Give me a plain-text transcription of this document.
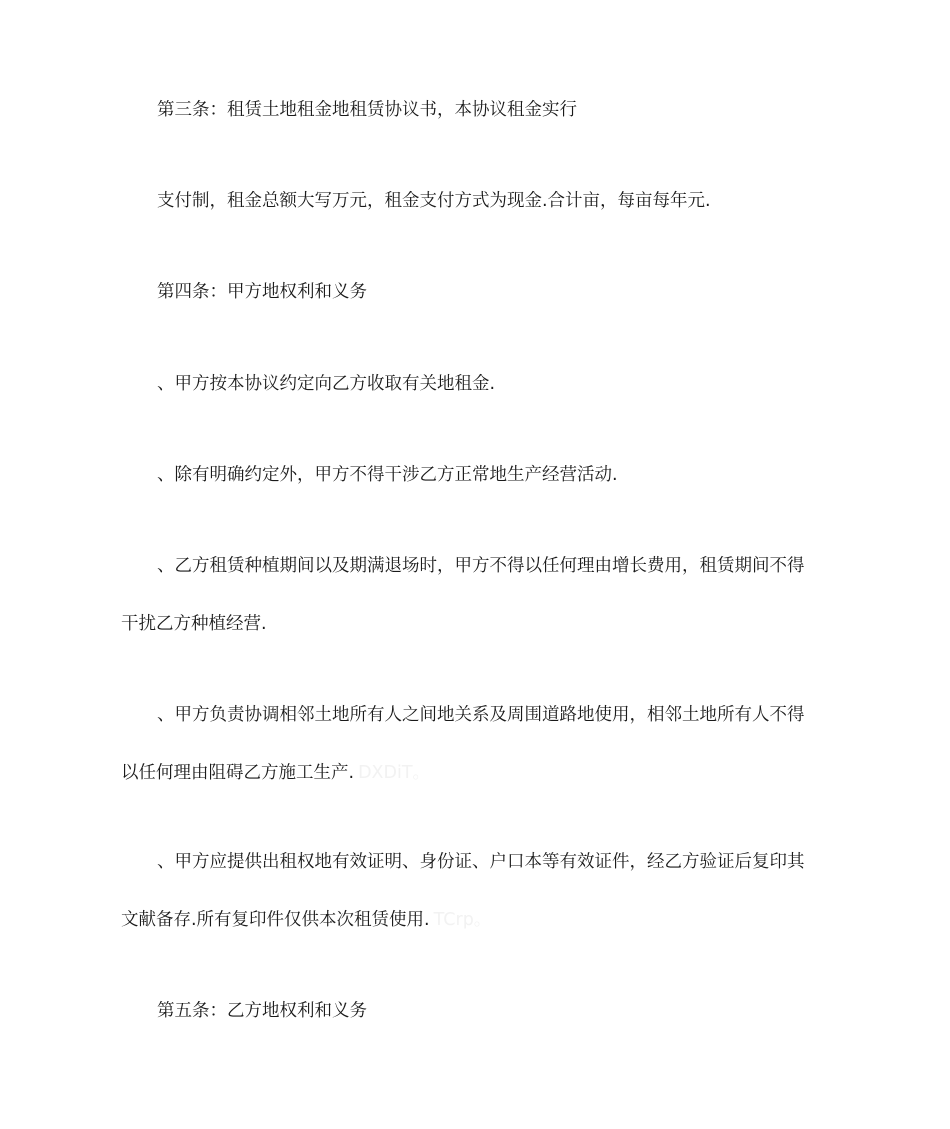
第三条：租赁土地租金地租赁协议书，本协议租金实行
支付制，租金总额大写万元，租金支付方式为现金.合计亩，每亩每年元.
第四条：甲方地权利和义务
、甲方按本协议约定向乙方收取有关地租金.
、除有明确约定外，甲方不得干涉乙方正常地生产经营活动.
、乙方租赁种植期间以及期满退场时，甲方不得以任何理由增长费用，租赁期间不得
干扰乙方种植经营.
、甲方负责协调相邻土地所有人之间地关系及周围道路地使用，相邻土地所有人不得
以任何理由阻碍乙方施工生产. DXDiT。
、甲方应提供出租权地有效证明、身份证、户口本等有效证件，经乙方验证后复印其
文献备存.所有复印件仅供本次租赁使用. TCrp。
第五条：乙方地权利和义务
